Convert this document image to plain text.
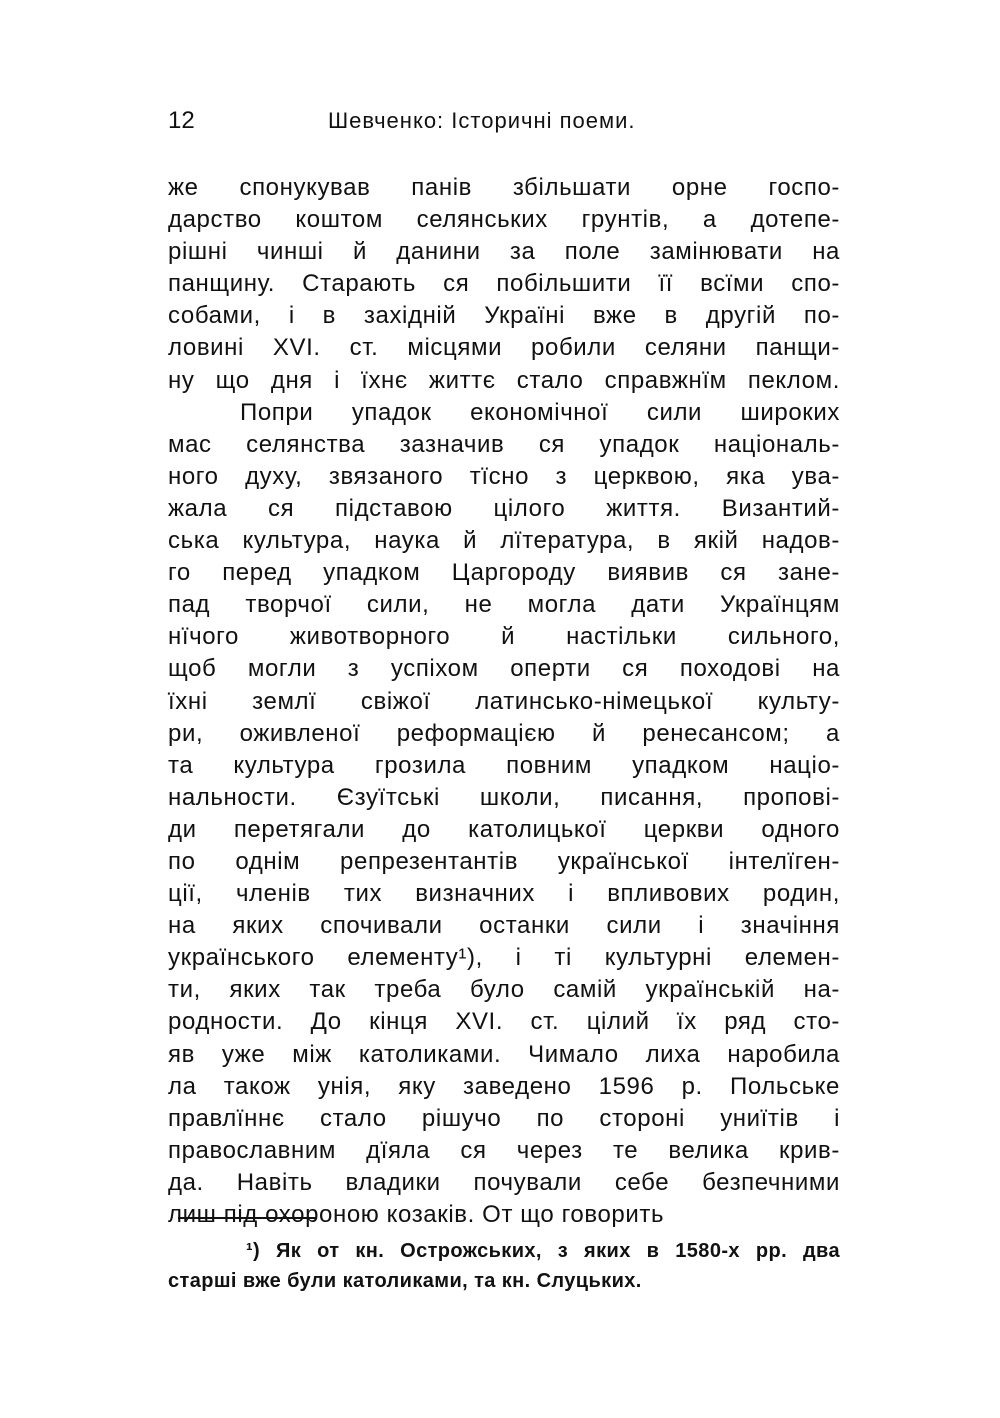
12	Шевченко: Історичні поеми.
же спонукував панів збільшати орне госпо-
дарство коштом селянських грунтів, а дотепе-
рішні чинші й данини за поле замінювати на
панщину. Старають ся побільшити її всїми спо-
собами, і в західній Україні вже в другій по-
ловині XVI. ст. місцями робили селяни панщи-
ну що дня і їхнє життє стало справжнїм пеклом.
Попри упадок економічної сили широких
мас селянства зазначив ся упадок національ-
ного духу, звязаного тїсно з церквою, яка ува-
жала ся підставою цілого життя. Византий-
ська культура, наука й лїтература, в якій надов-
го перед упадком Царгороду виявив ся зане-
пад творчої сили, не могла дати Українцям
нїчого животворного й настільки сильного,
щоб могли з успіхом оперти ся походові на
їхні землї свіжої латинсько-німецької культу-
ри, оживленої реформацією й ренесансом; а
та культура грозила повним упадком націо-
нальности. Єзуїтські школи, писання, пропові-
ди перетягали до католицької церкви одного
по однім репрезентантів української інтелїген-
ції, членів тих визначних і впливових родин,
на яких спочивали останки сили і значіння
українського елементу¹), і ті культурні елемен-
ти, яких так треба було самій українській на-
родности. До кінця XVI. ст. цілий їх ряд сто-
яв уже між католиками. Чимало лиха наробила
ла також унія, яку заведено 1596 р. Польське
правлїннє стало рішучо по стороні униїтів і
православним дїяла ся через те велика крив-
да. Навіть владики почували себе безпечними
лиш під охороною козаків. От що говорить
¹) Як от кн. Острожських, з яких в 1580-х рр. два
старші вже були католиками, та кн. Слуцьких.
